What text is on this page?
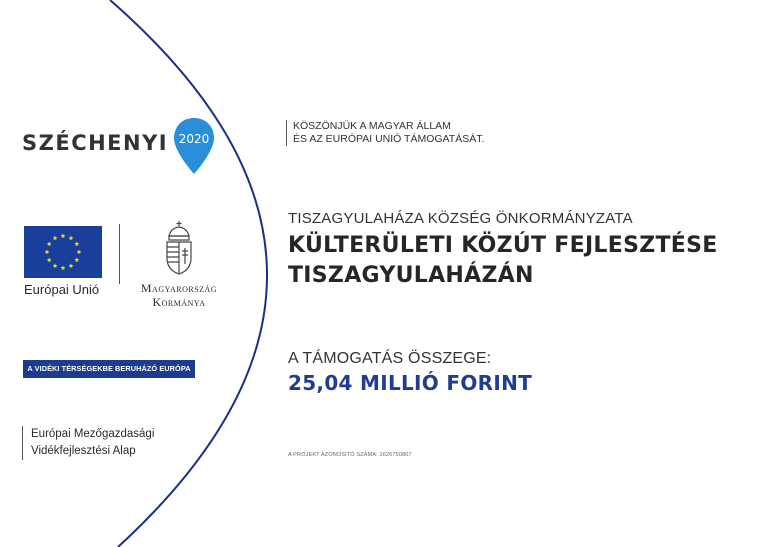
SZÉCHENYI 2020
Európai Unió	Magyarország
Kormánya
A VIDÉKI TÉRSÉGEKBE BERUHÁZÓ EURÓPA
Európai Mezőgazdasági
Vidékfejlesztési Alap
KÖSZÖNJÜK A MAGYAR ÁLLAM
ÉS AZ EURÓPAI UNIÓ TÁMOGATÁSÁT.
TISZAGYULAHÁZA KÖZSÉG ÖNKORMÁNYZATA
KÜLTERÜLETI KÖZÚT FEJLESZTÉSE
TISZAGYULAHÁZÁN
A TÁMOGATÁS ÖSSZEGE:
25,04 MILLIÓ FORINT
A PROJEKT AZONOSÍTÓ SZÁMA: 1626750867
